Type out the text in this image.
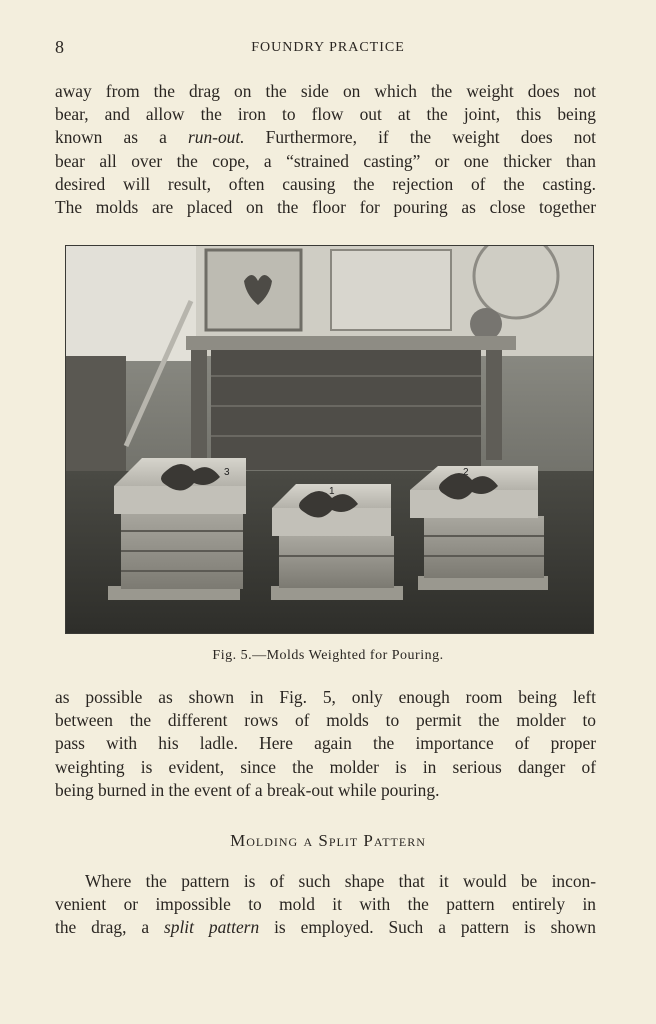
8	FOUNDRY PRACTICE
away from the drag on the side on which the weight does not
bear, and allow the iron to flow out at the joint, this being
known as a run-out. Furthermore, if the weight does not
bear all over the cope, a “strained casting” or one thicker than
desired will result, often causing the rejection of the casting.
The molds are placed on the floor for pouring as close together
3
1
2
Fig. 5.—Molds Weighted for Pouring.
as possible as shown in Fig. 5, only enough room being left
between the different rows of molds to permit the molder to
pass with his ladle. Here again the importance of proper
weighting is evident, since the molder is in serious danger of
being burned in the event of a break-out while pouring.
Molding a Split Pattern
Where the pattern is of such shape that it would be incon-
venient or impossible to mold it with the pattern entirely in
the drag, a split pattern is employed. Such a pattern is shown
